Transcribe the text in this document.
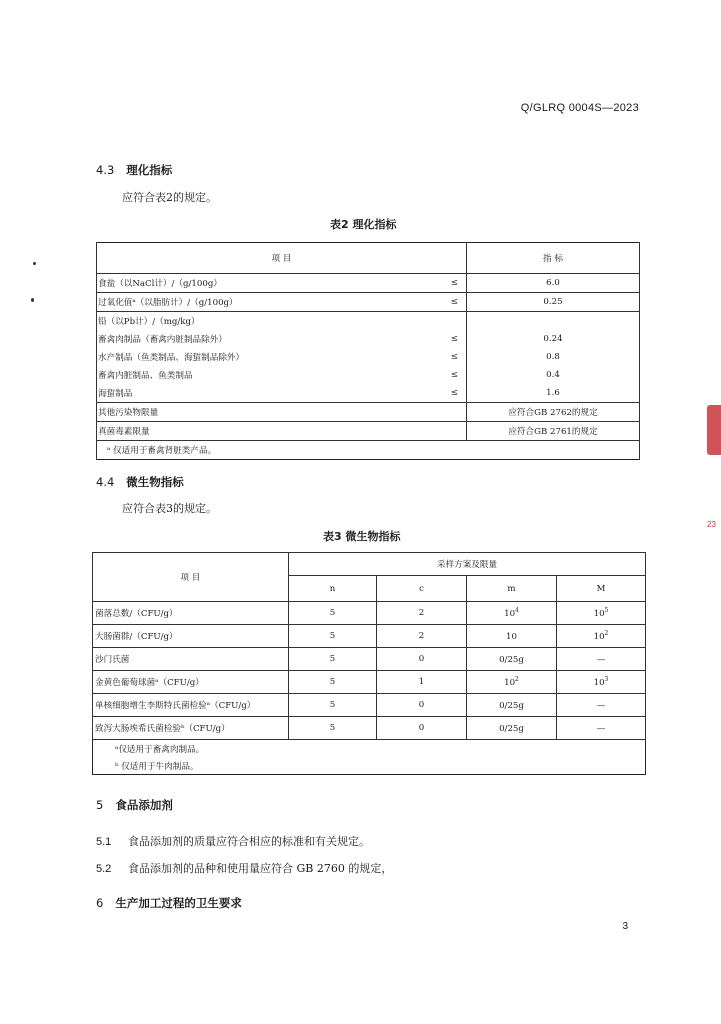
Q/GLRQ 0004S—2023
4.3 理化指标
应符合表2的规定。
表2 理化指标
项 目		指 标
食盐（以NaCl计）/（g/100g）	≤	6.0
过氧化值ᵃ（以脂肪计）/（g/100g）	≤	0.25
铅（以Pb计）/（mg/kg）		
畜禽肉制品（畜禽内脏制品除外）	≤	0.24
水产制品（鱼类制品、海蜇制品除外）	≤	0.8
畜禽内脏制品、鱼类制品	≤	0.4
海蜇制品	≤	1.6
其他污染物限量		应符合GB 2762的规定
真菌毒素限量		应符合GB 2761的规定
ᵃ 仅适用于畜禽肾脏类产品。		
4.4 微生物指标
应符合表3的规定。
表3 微生物指标
项 目	采样方案及限量			
	n	c	m	M
菌落总数/（CFU/g）	5	2	$10^4$	$10^5$
大肠菌群/（CFU/g）	5	2	10	$10^2$
沙门氏菌	5	0	0/25g	—
金黄色葡萄球菌ᵃ（CFU/g）	5	1	$10^2$	$10^3$
单核细胞增生李斯特氏菌检验ᵃ（CFU/g）	5	0	0/25g	—
致泻大肠埃希氏菌检验ᵇ（CFU/g）	5	0	0/25g	—
ᵃ仅适用于畜禽肉制品。				
ᵇ 仅适用于牛肉制品。				
5 食品添加剂
5.1 食品添加剂的质量应符合相应的标准和有关规定。
5.2 食品添加剂的品种和使用量应符合 GB 2760 的规定，
6 生产加工过程的卫生要求
3
23
